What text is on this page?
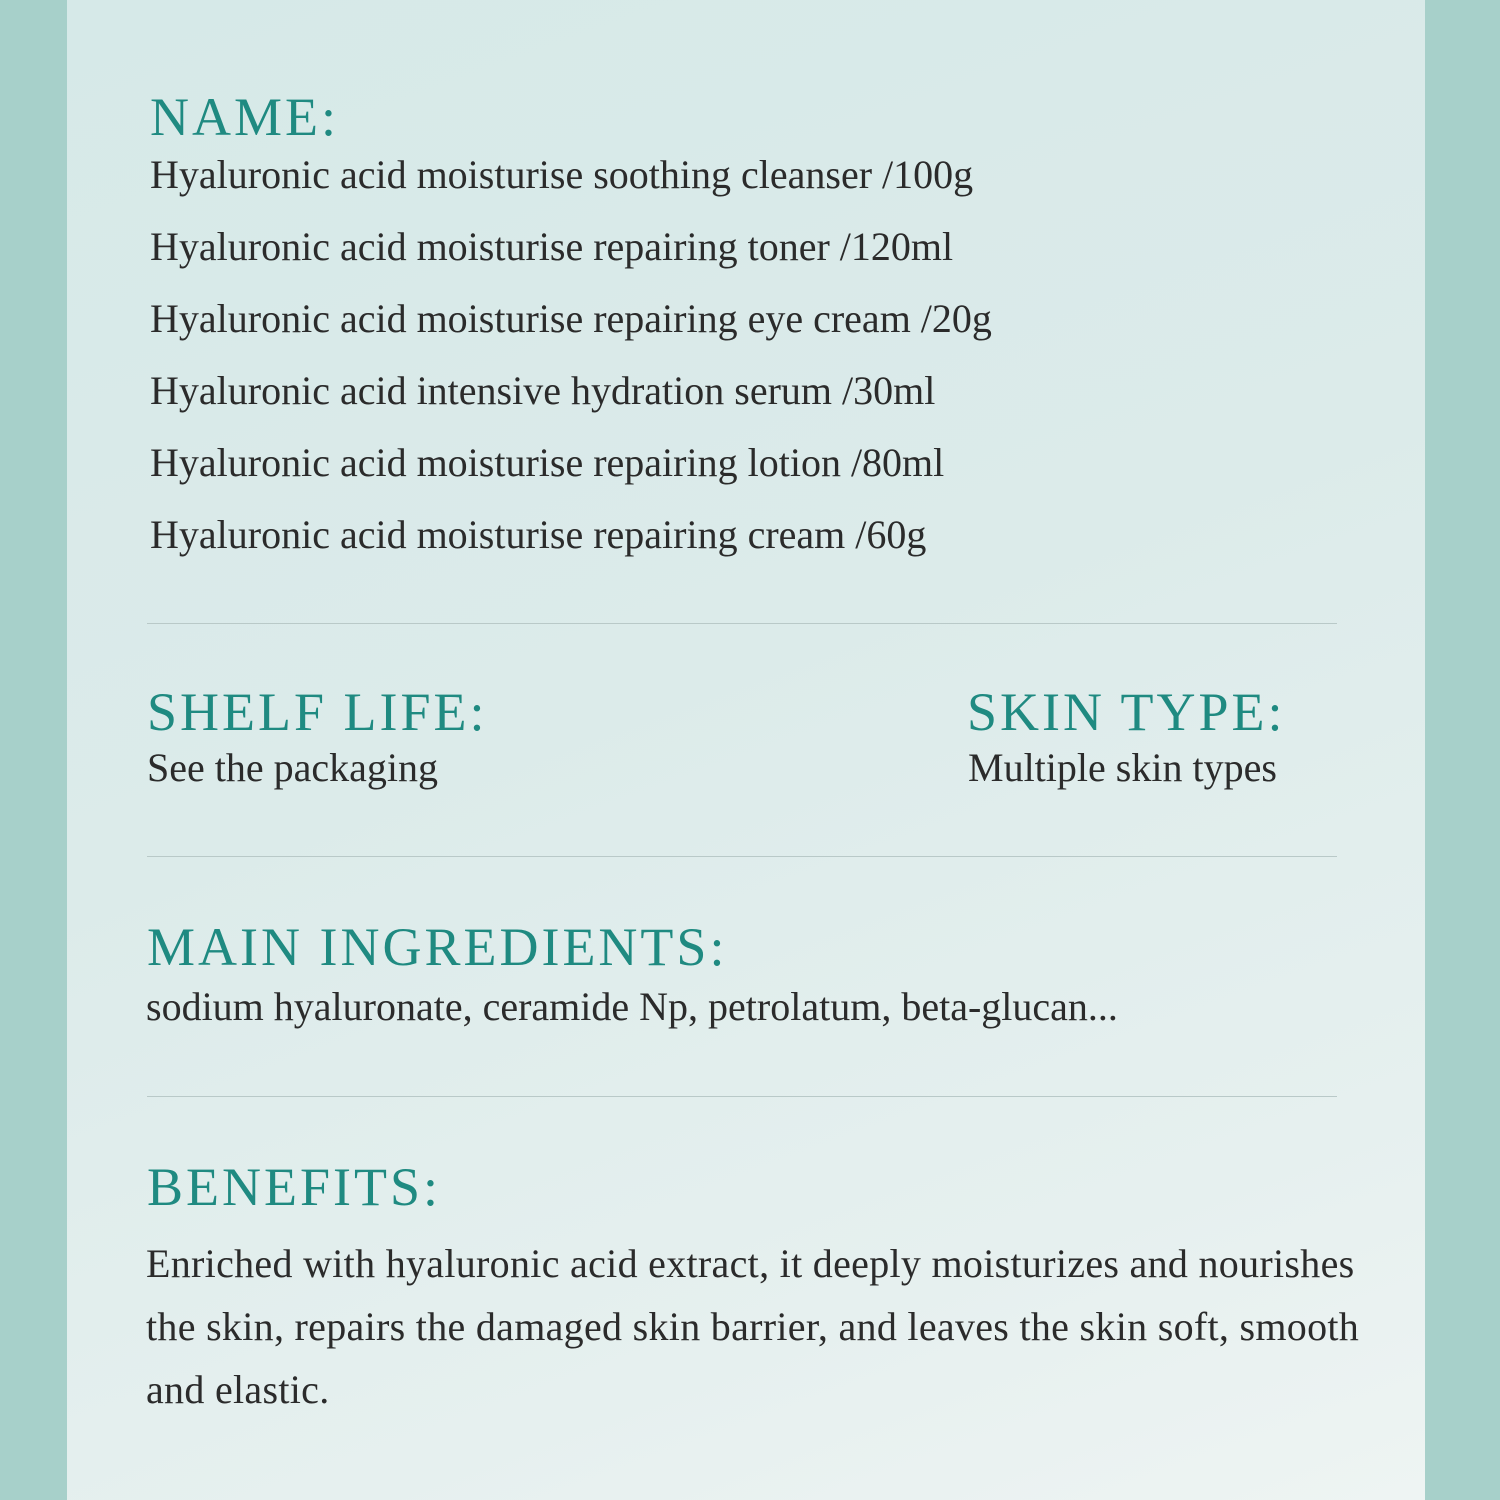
NAME:
Hyaluronic acid moisturise soothing cleanser /100g
Hyaluronic acid moisturise repairing toner /120ml
Hyaluronic acid moisturise repairing eye cream /20g
Hyaluronic acid intensive hydration serum /30ml
Hyaluronic acid moisturise repairing lotion /80ml
Hyaluronic acid moisturise repairing cream /60g
SHELF LIFE:

See the packaging

SKIN TYPE:

Multiple skin types

MAIN INGREDIENTS:

sodium hyaluronate, ceramide Np, petrolatum, beta-glucan...

BENEFITS:

Enriched with hyaluronic acid extract, it deeply moisturizes and nourishes the skin, repairs the damaged skin barrier, and leaves the skin soft, smooth and elastic.
